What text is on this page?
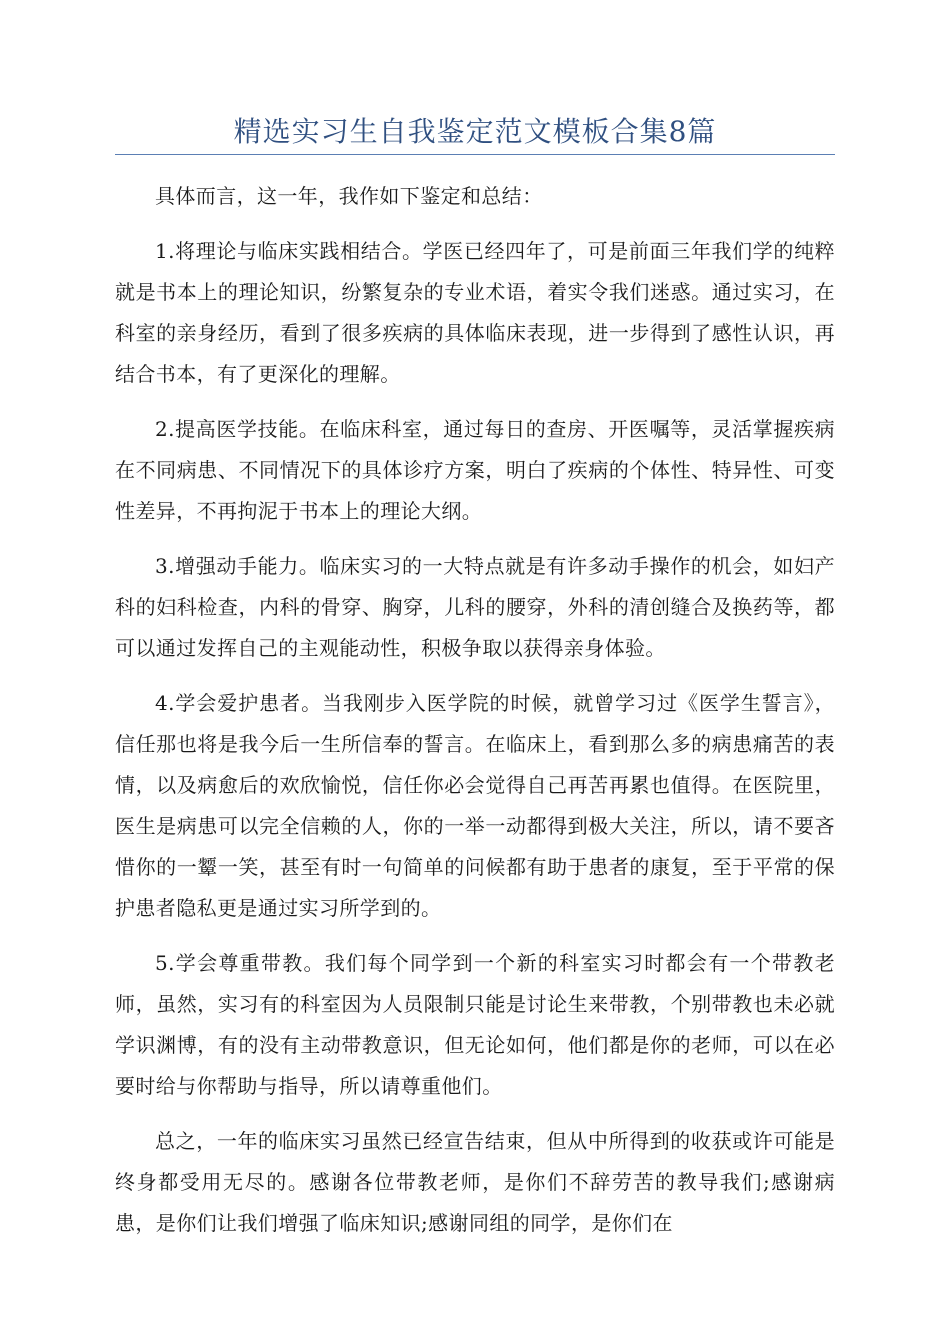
精选实习生自我鉴定范文模板合集8篇

具体而言，这一年，我作如下鉴定和总结：

1.将理论与临床实践相结合。学医已经四年了，可是前面三年我们学的纯粹就是书本上的理论知识，纷繁复杂的专业术语，着实令我们迷惑。通过实习，在科室的亲身经历，看到了很多疾病的具体临床表现，进一步得到了感性认识，再结合书本，有了更深化的理解。

2.提高医学技能。在临床科室，通过每日的查房、开医嘱等，灵活掌握疾病在不同病患、不同情况下的具体诊疗方案，明白了疾病的个体性、特异性、可变性差异，不再拘泥于书本上的理论大纲。

3.增强动手能力。临床实习的一大特点就是有许多动手操作的机会，如妇产科的妇科检查，内科的骨穿、胸穿，儿科的腰穿，外科的清创缝合及换药等，都可以通过发挥自己的主观能动性，积极争取以获得亲身体验。

4.学会爱护患者。当我刚步入医学院的时候，就曾学习过《医学生誓言》，信任那也将是我今后一生所信奉的誓言。在临床上，看到那么多的病患痛苦的表情，以及病愈后的欢欣愉悦，信任你必会觉得自己再苦再累也值得。在医院里，医生是病患可以完全信赖的人，你的一举一动都得到极大关注，所以，请不要吝惜你的一颦一笑，甚至有时一句简单的问候都有助于患者的康复，至于平常的保护患者隐私更是通过实习所学到的。

5.学会尊重带教。我们每个同学到一个新的科室实习时都会有一个带教老师，虽然，实习有的科室因为人员限制只能是讨论生来带教，个别带教也未必就学识渊博，有的没有主动带教意识，但无论如何，他们都是你的老师，可以在必要时给与你帮助与指导，所以请尊重他们。

总之，一年的临床实习虽然已经宣告结束，但从中所得到的收获或许可能是终身都受用无尽的。感谢各位带教老师，是你们不辞劳苦的教导我们;感谢病患，是你们让我们增强了临床知识;感谢同组的同学，是你们在
